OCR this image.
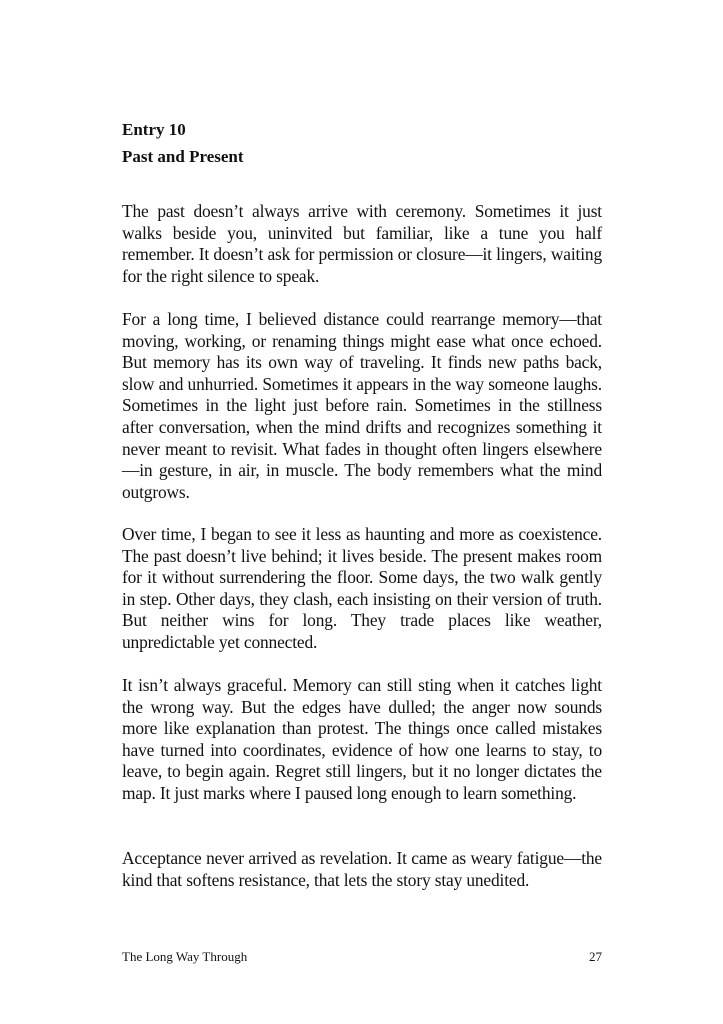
Entry 10
Past and Present

The past doesn’t always arrive with ceremony. Sometimes it just walks beside you, uninvited but familiar, like a tune you half remember. It doesn’t ask for permission or closure—it lingers, waiting for the right silence to speak.

For a long time, I believed distance could rearrange memory—that moving, working, or renaming things might ease what once echoed. But memory has its own way of traveling. It finds new paths back, slow and unhurried. Sometimes it appears in the way someone laughs. Sometimes in the light just before rain. Sometimes in the stillness after conversation, when the mind drifts and recognizes something it never meant to revisit. What fades in thought often lingers elsewhere—in gesture, in air, in muscle. The body remembers what the mind outgrows.

Over time, I began to see it less as haunting and more as coexistence. The past doesn’t live behind; it lives beside. The present makes room for it without surrendering the floor. Some days, the two walk gently in step. Other days, they clash, each insisting on their version of truth. But neither wins for long. They trade places like weather, unpredictable yet connected.

It isn’t always graceful. Memory can still sting when it catches light the wrong way. But the edges have dulled; the anger now sounds more like explanation than protest. The things once called mistakes have turned into coordinates, evidence of how one learns to stay, to leave, to begin again. Regret still lingers, but it no longer dictates the map. It just marks where I paused long enough to learn something.

Acceptance never arrived as revelation. It came as weary fatigue—the kind that softens resistance, that lets the story stay unedited.

The Long Way Through	27
